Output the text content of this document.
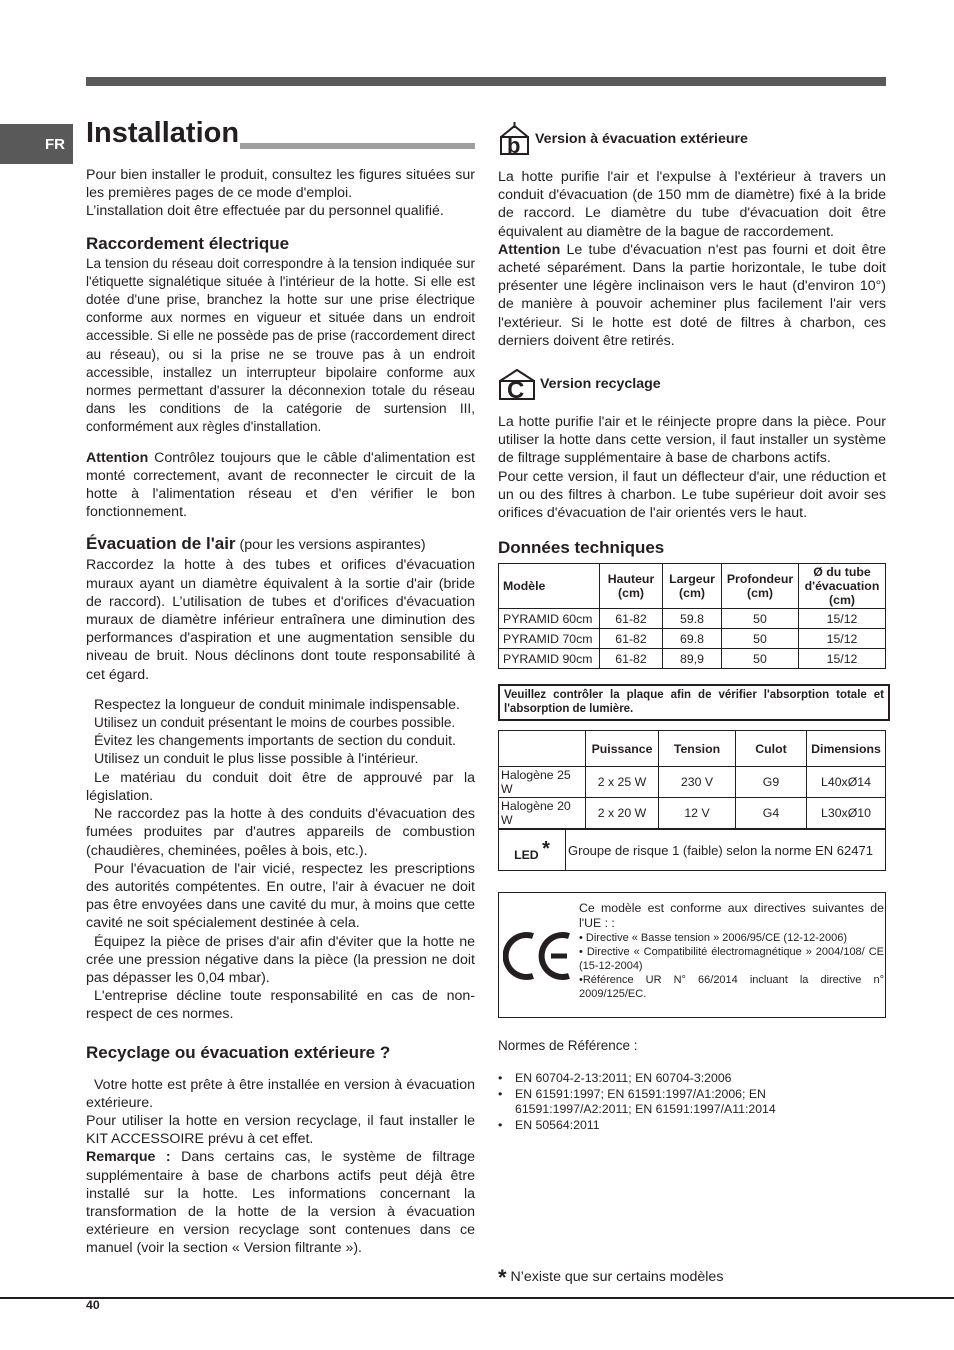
FR Installation

Pour bien installer le produit, consultez les figures situées sur les premières pages de ce mode d'emploi.

L’installation doit être effectuée par du personnel qualifié.

Raccordement électrique

La tension du réseau doit correspondre à la tension indiquée sur l'étiquette signalétique située à l'intérieur de la hotte. Si elle est dotée d'une prise, branchez la hotte sur une prise électrique conforme aux normes en vigueur et située dans un endroit accessible. Si elle ne possède pas de prise (raccordement direct au réseau), ou si la prise ne se trouve pas à un endroit accessible, installez un interrupteur bipolaire conforme aux normes permettant d'assurer la déconnexion totale du réseau dans les conditions de la catégorie de surtension III, conformément aux règles d'installation.

Attention Contrôlez toujours que le câble d'alimentation est monté correctement, avant de reconnecter le circuit de la hotte à l'alimentation réseau et d'en vérifier le bon fonctionnement.

Évacuation de l'air (pour les versions aspirantes)

Raccordez la hotte à des tubes et orifices d'évacuation muraux ayant un diamètre équivalent à la sortie d'air (bride de raccord). L’utilisation de tubes et d'orifices d'évacuation muraux de diamètre inférieur entraînera une diminution des performances d'aspiration et une augmentation sensible du niveau de bruit. Nous déclinons dont toute responsabilité à cet égard.

Respectez la longueur de conduit minimale indispensable.

Utilisez un conduit présentant le moins de courbes possible.

Évitez les changements importants de section du conduit.

Utilisez un conduit le plus lisse possible à l'intérieur.

Le matériau du conduit doit être de approuvé par la législation.

Ne raccordez pas la hotte à des conduits d'évacuation des fumées produites par d'autres appareils de combustion (chaudières, cheminées, poêles à bois, etc.).

Pour l'évacuation de l'air vicié, respectez les prescriptions des autorités compétentes. En outre, l'air à évacuer ne doit pas être envoyées dans une cavité du mur, à moins que cette cavité ne soit spécialement destinée à cela.

Équipez la pièce de prises d'air afin d'éviter que la hotte ne crée une pression négative dans la pièce (la pression ne doit pas dépasser les 0,04 mbar).

L'entreprise décline toute responsabilité en cas de non-respect de ces normes.

Recyclage ou évacuation extérieure ?

Votre hotte est prête à être installée en version à évacuation extérieure.

Pour utiliser la hotte en version recyclage, il faut installer le KIT ACCESSOIRE prévu à cet effet.

Remarque : Dans certains cas, le système de filtrage supplémentaire à base de charbons actifs peut déjà être installé sur la hotte. Les informations concernant la transformation de la hotte de la version à évacuation extérieure en version recyclage sont contenues dans ce manuel (voir la section « Version filtrante »).

b Version à évacuation extérieure

La hotte purifie l'air et l'expulse à l'extérieur à travers un conduit d'évacuation (de 150 mm de diamètre) fixé à la bride de raccord. Le diamètre du tube d'évacuation doit être équivalent au diamètre de la bague de raccordement.

Attention Le tube d'évacuation n'est pas fourni et doit être acheté séparément. Dans la partie horizontale, le tube doit présenter une légère inclinaison vers le haut (d'environ 10°) de manière à pouvoir acheminer plus facilement l'air vers l'extérieur. Si le hotte est doté de filtres à charbon, ces derniers doivent être retirés.

C Version recyclage

La hotte purifie l'air et le réinjecte propre dans la pièce. Pour utiliser la hotte dans cette version, il faut installer un système de filtrage supplémentaire à base de charbons actifs.

Pour cette version, il faut un déflecteur d'air, une réduction et un ou des filtres à charbon. Le tube supérieur doit avoir ses orifices d'évacuation de l'air orientés vers le haut.

Données techniques
Modèle	Hauteur (cm)	Largeur (cm)	Profondeur (cm)	Ø du tube d'évacuation (cm)
PYRAMID 60cm	61-82	59.8	50	15/12
PYRAMID 70cm	61-82	69.8	50	15/12
PYRAMID 90cm	61-82	89,9	50	15/12
Veuillez contrôler la plaque afin de vérifier l'absorption totale et l'absorption de lumière.
	Puissance	Tension	Culot	Dimensions
Halogène 25 W	2 x 25 W	230 V	G9	L40xØ14
Halogène 20 W	2 x 20 W	12 V	G4	L30xØ10
LED *	Groupe de risque 1 (faible) selon la norme EN 62471

Ce modèle est conforme aux directives suivantes de l'UE : :

• Directive « Basse tension » 2006/95/CE (12-12-2006)

• Directive « Compatibilité électromagnétique » 2004/108/ CE (15-12-2004)

•Référence UR N° 66/2014 incluant la directive n° 2009/125/EC.

Normes de Référence :

• EN 60704-2-13:2011; EN 60704-3:2006
• EN 61591:1997; EN 61591:1997/A1:2006; EN 61591:1997/A2:2011; EN 61591:1997/A11:2014
• EN 50564:2011
* N’existe que sur certains modèles
40
